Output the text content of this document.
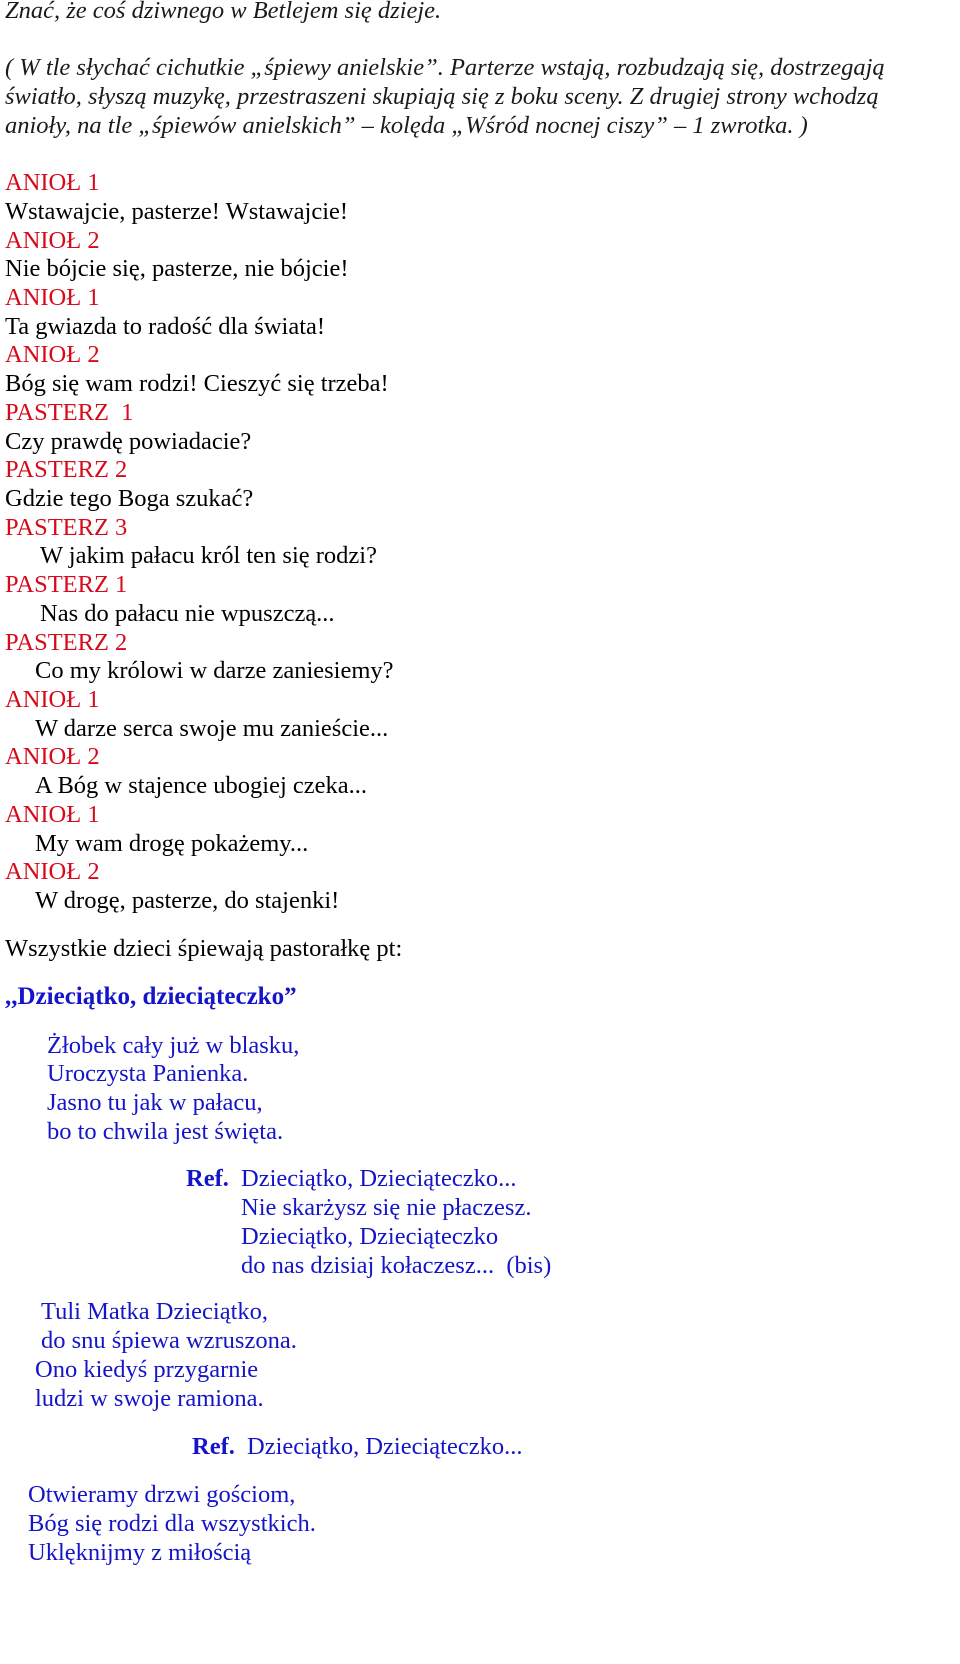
Znać, że coś dziwnego w Betlejem się dzieje.

( W tle słychać cichutkie „śpiewy anielskie”. Parterze wstają, rozbudzają się, dostrzegają

światło, słyszą muzykę, przestraszeni skupiają się z boku sceny. Z drugiej strony wchodzą

anioły, na tle „śpiewów anielskich” – kolęda „Wśród nocnej ciszy” – 1 zwrotka. )

ANIOŁ 1

Wstawajcie, pasterze! Wstawajcie!

ANIOŁ 2

Nie bójcie się, pasterze, nie bójcie!

ANIOŁ 1

Ta gwiazda to radość dla świata!

ANIOŁ 2

Bóg się wam rodzi! Cieszyć się trzeba!

PASTERZ  1

Czy prawdę powiadacie?

PASTERZ 2

Gdzie tego Boga szukać?

PASTERZ 3

W jakim pałacu król ten się rodzi?

PASTERZ 1

Nas do pałacu nie wpuszczą...

PASTERZ 2

Co my królowi w darze zaniesiemy?

ANIOŁ 1

W darze serca swoje mu zanieście...

ANIOŁ 2

A Bóg w stajence ubogiej czeka...

ANIOŁ 1

My wam drogę pokażemy...

ANIOŁ 2

W drogę, pasterze, do stajenki!

Wszystkie dzieci śpiewają pastorałkę pt:

,,Dzieciątko, dzieciąteczko”

Żłobek cały już w blasku,

Uroczysta Panienka.

Jasno tu jak w pałacu,

bo to chwila jest święta.

Ref. Dzieciątko, Dzieciąteczko...

Nie skarżysz się nie płaczesz.

Dzieciątko, Dzieciąteczko

do nas dzisiaj kołaczesz...  (bis)

Tuli Matka Dzieciątko,

do snu śpiewa wzruszona.

Ono kiedyś przygarnie

ludzi w swoje ramiona.

Ref. Dzieciątko, Dzieciąteczko...

Otwieramy drzwi gościom,

Bóg się rodzi dla wszystkich.

Uklęknijmy z miłością
